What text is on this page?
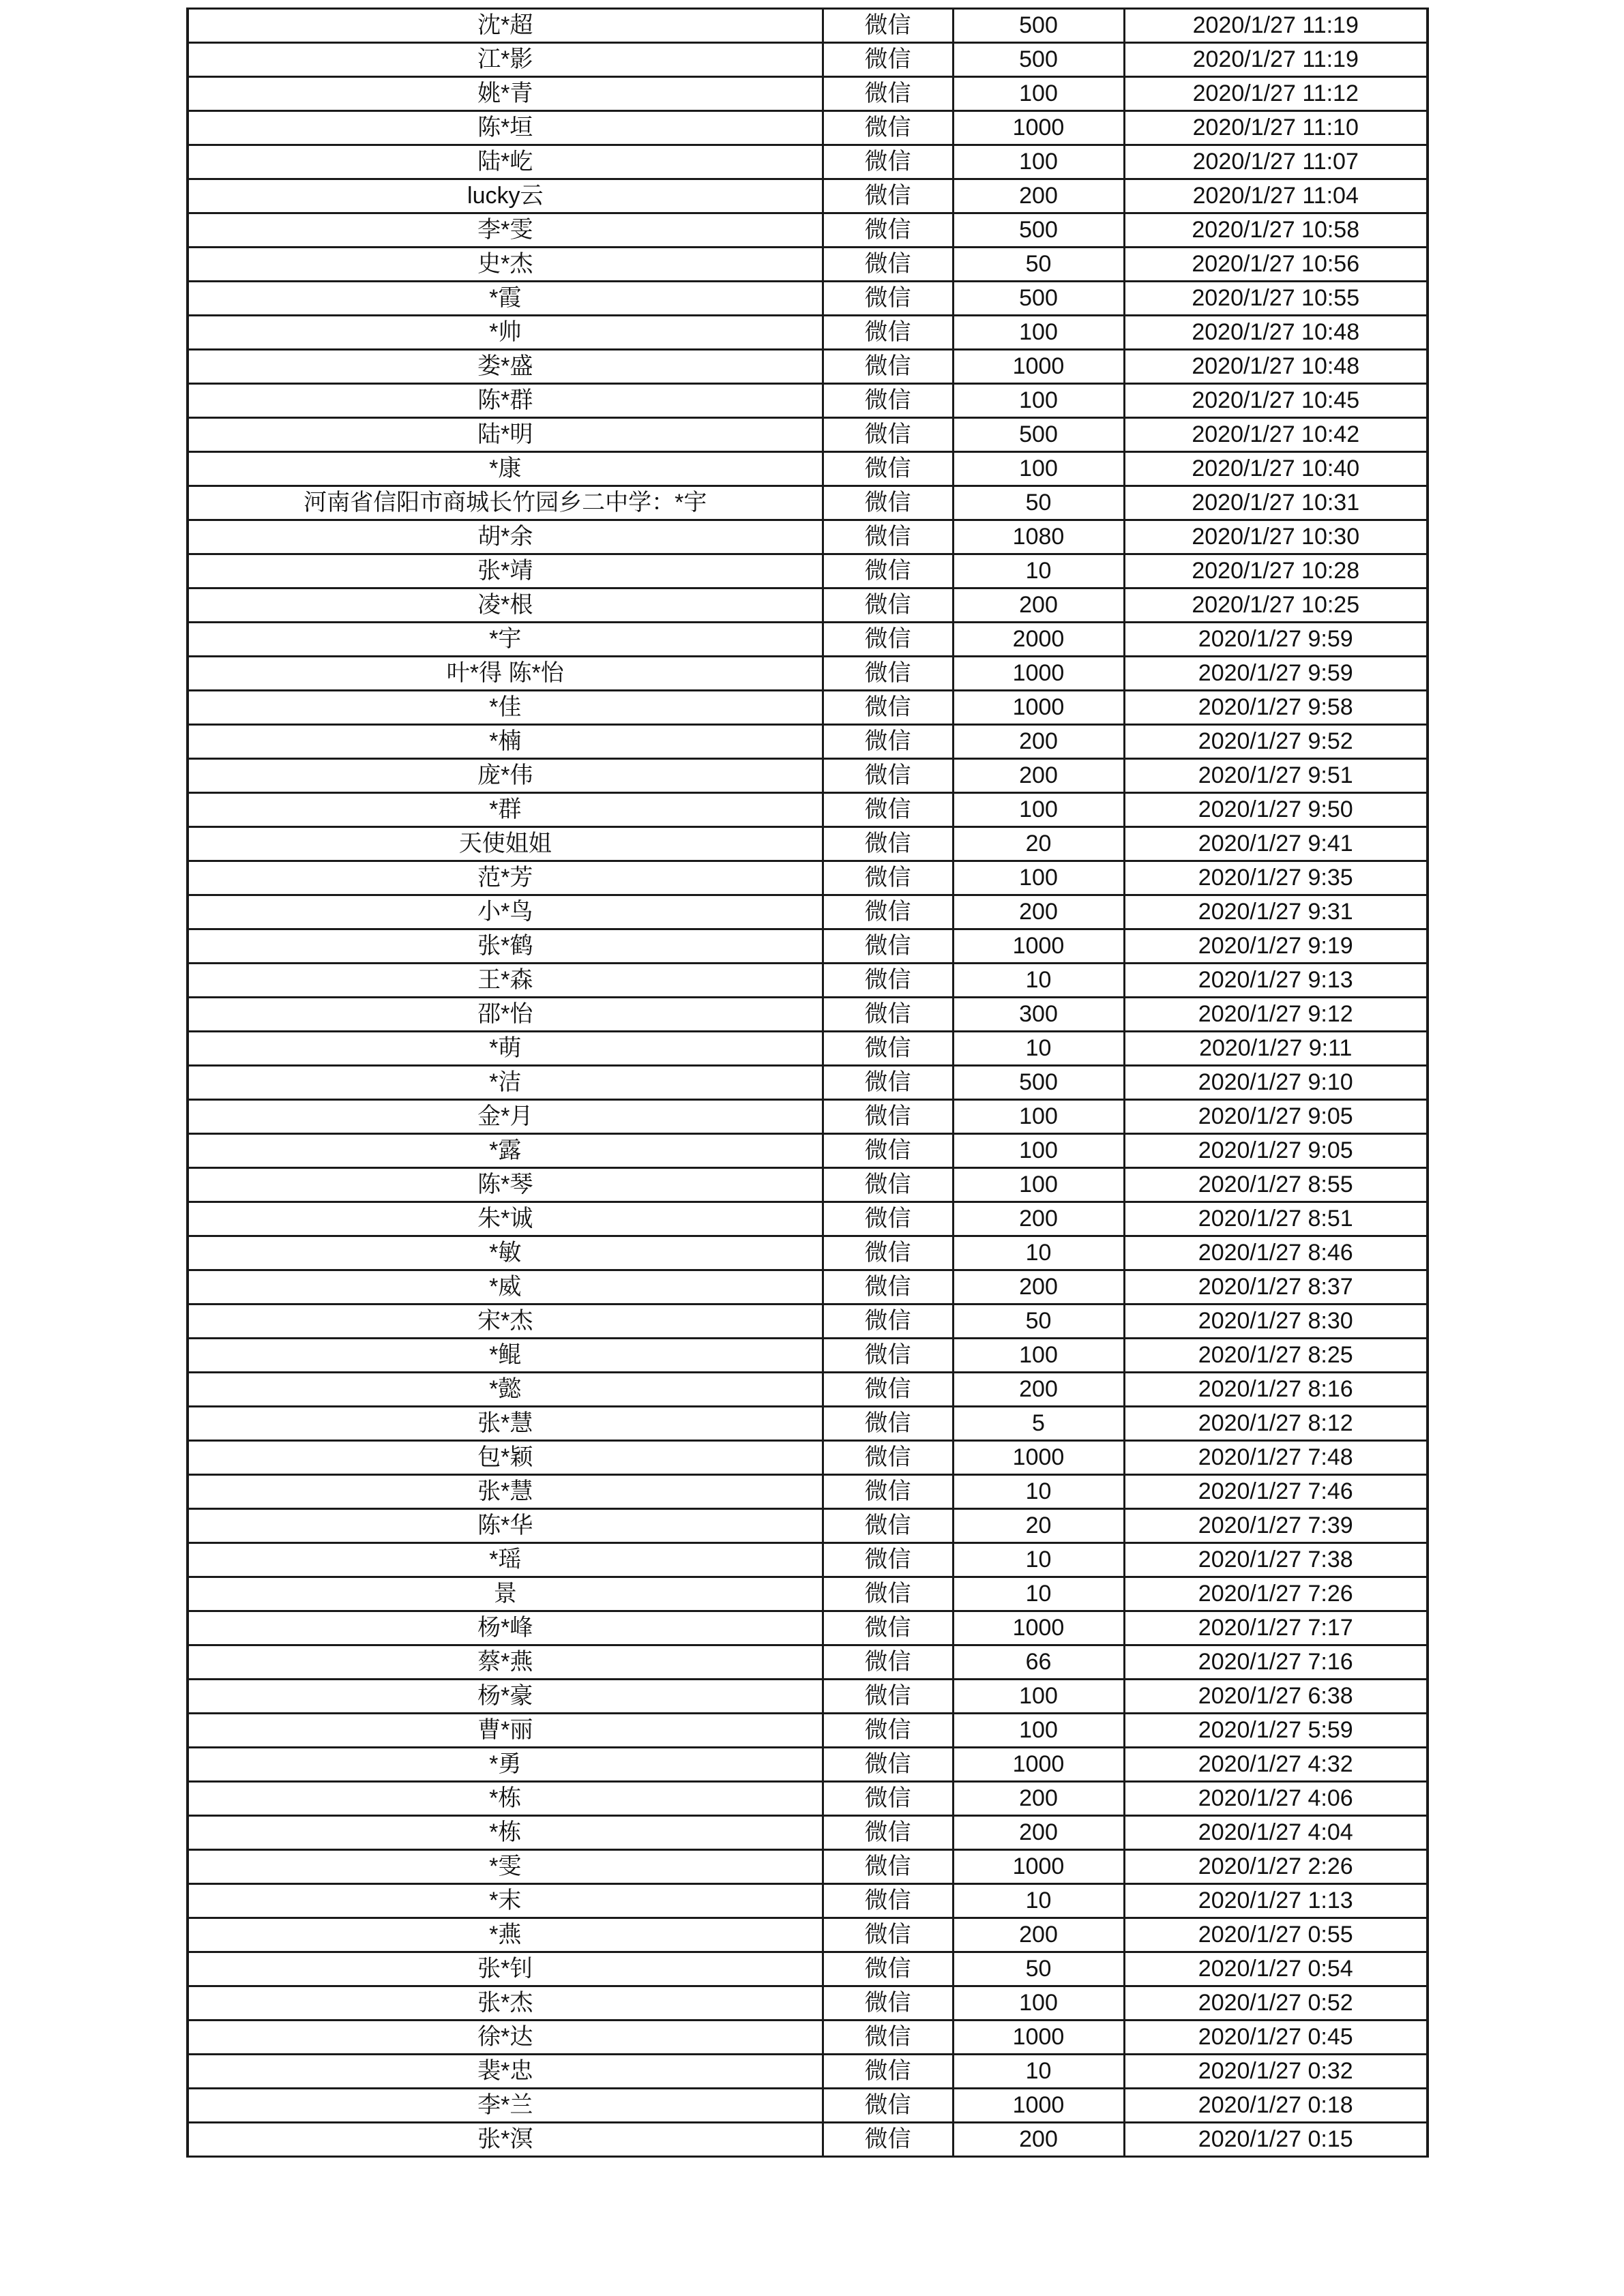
沈*超	微信	500	2020/1/27 11:19
江*影	微信	500	2020/1/27 11:19
姚*青	微信	100	2020/1/27 11:12
陈*垣	微信	1000	2020/1/27 11:10
陆*屹	微信	100	2020/1/27 11:07
lucky云	微信	200	2020/1/27 11:04
李*雯	微信	500	2020/1/27 10:58
史*杰	微信	50	2020/1/27 10:56
*霞	微信	500	2020/1/27 10:55
*帅	微信	100	2020/1/27 10:48
娄*盛	微信	1000	2020/1/27 10:48
陈*群	微信	100	2020/1/27 10:45
陆*明	微信	500	2020/1/27 10:42
*康	微信	100	2020/1/27 10:40
河南省信阳市商城长竹园乡二中学：*宇	微信	50	2020/1/27 10:31
胡*余	微信	1080	2020/1/27 10:30
张*靖	微信	10	2020/1/27 10:28
凌*根	微信	200	2020/1/27 10:25
*宇	微信	2000	2020/1/27 9:59
叶*得 陈*怡	微信	1000	2020/1/27 9:59
*佳	微信	1000	2020/1/27 9:58
*楠	微信	200	2020/1/27 9:52
庞*伟	微信	200	2020/1/27 9:51
*群	微信	100	2020/1/27 9:50
天使姐姐	微信	20	2020/1/27 9:41
范*芳	微信	100	2020/1/27 9:35
小*鸟	微信	200	2020/1/27 9:31
张*鹤	微信	1000	2020/1/27 9:19
王*森	微信	10	2020/1/27 9:13
邵*怡	微信	300	2020/1/27 9:12
*萌	微信	10	2020/1/27 9:11
*洁	微信	500	2020/1/27 9:10
金*月	微信	100	2020/1/27 9:05
*露	微信	100	2020/1/27 9:05
陈*琴	微信	100	2020/1/27 8:55
朱*诚	微信	200	2020/1/27 8:51
*敏	微信	10	2020/1/27 8:46
*威	微信	200	2020/1/27 8:37
宋*杰	微信	50	2020/1/27 8:30
*鲲	微信	100	2020/1/27 8:25
*懿	微信	200	2020/1/27 8:16
张*慧	微信	5	2020/1/27 8:12
包*颖	微信	1000	2020/1/27 7:48
张*慧	微信	10	2020/1/27 7:46
陈*华	微信	20	2020/1/27 7:39
*瑶	微信	10	2020/1/27 7:38
景	微信	10	2020/1/27 7:26
杨*峰	微信	1000	2020/1/27 7:17
蔡*燕	微信	66	2020/1/27 7:16
杨*豪	微信	100	2020/1/27 6:38
曹*丽	微信	100	2020/1/27 5:59
*勇	微信	1000	2020/1/27 4:32
*栋	微信	200	2020/1/27 4:06
*栋	微信	200	2020/1/27 4:04
*雯	微信	1000	2020/1/27 2:26
*末	微信	10	2020/1/27 1:13
*燕	微信	200	2020/1/27 0:55
张*钊	微信	50	2020/1/27 0:54
张*杰	微信	100	2020/1/27 0:52
徐*达	微信	1000	2020/1/27 0:45
裴*忠	微信	10	2020/1/27 0:32
李*兰	微信	1000	2020/1/27 0:18
张*溟	微信	200	2020/1/27 0:15
